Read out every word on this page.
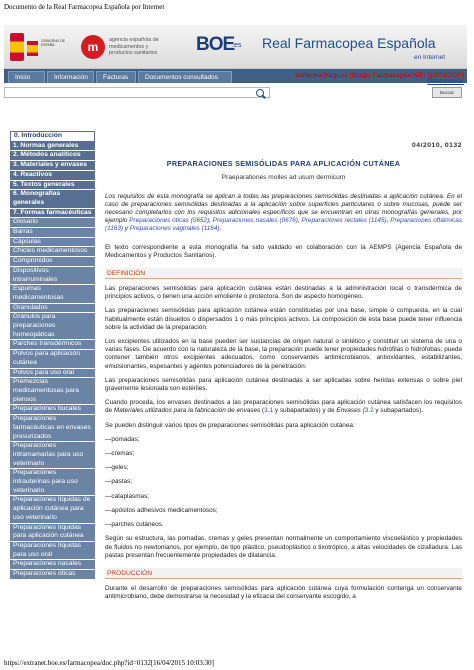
Documento de la Real Farmacopea Española por Internet
GOBIERNO DE ESPAÑA	m	agencia española de
medicamentos y
productos sanitarios BOE
.es Real Farmacopea Española
en Internet
Inicio	Información	Facturas	Documentos consultados	tecfarma@ugr.es (Grupo Farmacopea NIF: Q1818002F)
Desconectar
Buscar
0. Introducción
1. Normas generales
2. Métodos analíticos
3. Materiales y envases
4. Reactivos
5. Textos generales
6. Monografías generales
7. Formas farmacéuticas
Glosario
Barras
Cápsulas
Chicles medicamentosos
Comprimidos
Dispositivos intrarruminales
Espumas medicamentosas
Granulados
Gránulos para preparaciones homeopáticas
Parches transdérmicos
Polvos para aplicación cutánea
Polvos para uso oral
Premezclas medicamentosas para piensos
Preparaciones bucales
Preparaciones farmacéuticas en envases presurizados
Preparaciones intramamarias para uso veterinario
Preparaciones intrauterinas para uso veterinario
Preparaciones líquidas de aplicación cutánea para uso veterinario
Preparaciones líquidas para aplicación cutánea
Preparaciones líquidas para uso oral
Preparaciones nasales
Preparaciones óticas
04/2010, 0132
PREPARACIONES SEMISÓLIDAS PARA APLICACIÓN CUTÁNEA
Praeparationes molles ad usum dermicum

Los requisitos de esta monografía se aplican a todas las preparaciones semisólidas destinadas a aplicación cutánea. En el caso de preparaciones semisólidas destinadas a la aplicación sobre superficies particulares o sobre mucosas, puede ser necesario completarlos con los requisitos adicionales específicos que se encuentran en otras monografías generales, por ejemplo Preparaciones óticas (0652), Preparaciones nasales (0676), Preparaciones rectales (1145), Preparaciones oftálmicas (1163) y Preparaciones vaginales (1164).

El texto correspondiente a esta monografía ha sido validado en colaboración con la AEMPS (Agencia Española de Medicamentos y Productos Sanitarios).

DEFINICIÓN

Las preparaciones semisólidas para aplicación cutánea están destinadas a la administración local o transdérmica de principios activos, o tienen una acción emoliente o protectora. Son de aspecto homogéneo.

Las preparaciones semisólidas para aplicación cutánea están constituidas por una base, simple o compuesta, en la cual habitualmente están disueltos o dispersados 1 o más principios activos. La composición de esta base puede tener influencia sobre la actividad de la preparación.

Los excipientes utilizados en la base pueden ser sustancias de origen natural o sintético y constituir un sistema de una o varias fases. De acuerdo con la naturaleza de la base, la preparación puede tener propiedades hidrófilas o hidrófobas; puede contener también otros excipientes adecuados, como conservantes antimicrobianos, antioxidantes, estabilizantes, emulsionantes, espesantes y agentes potenciadores de la penetración.

Las preparaciones semisólidas para aplicación cutánea destinadas a ser aplicadas sobre heridas extensas o sobre piel gravemente lesionada son estériles.

Cuando proceda, los envases destinados a las preparaciones semisólidas para aplicación cutánea satisfacen los requisitos de Materiales utilizados para la fabricación de envases (3.1 y subapartados) y de Envases (3.2 y subapartados).

Se pueden distinguir varios tipos de preparaciones semisólidas para aplicación cutánea:

—pomadas;

—cremas;

—geles;

—pastas;

—cataplasmas;

—apósitos adhesivos medicamentosos;

—parches cutáneos.

Según su estructura, las pomadas, cremas y geles presentan normalmente un comportamiento viscoelástico y propiedades de fluidos no newtonianos, por ejemplo, de tipo plástico, pseudoplástico o tixotrópico, a altas velocidades de cizalladura. Las pastas presentan frecuentemente propiedades de dilatancia.

PRODUCCIÓN

Durante el desarrollo de preparaciones semisólidas para aplicación cutánea cuya formulación contenga un conservante antimicrobiano, debe demostrarse la necesidad y la eficacia del conservante escogido, a

https://extranet.boe.es/farmacopea/doc.php?id=0132[16/04/2015 10:03:30]
